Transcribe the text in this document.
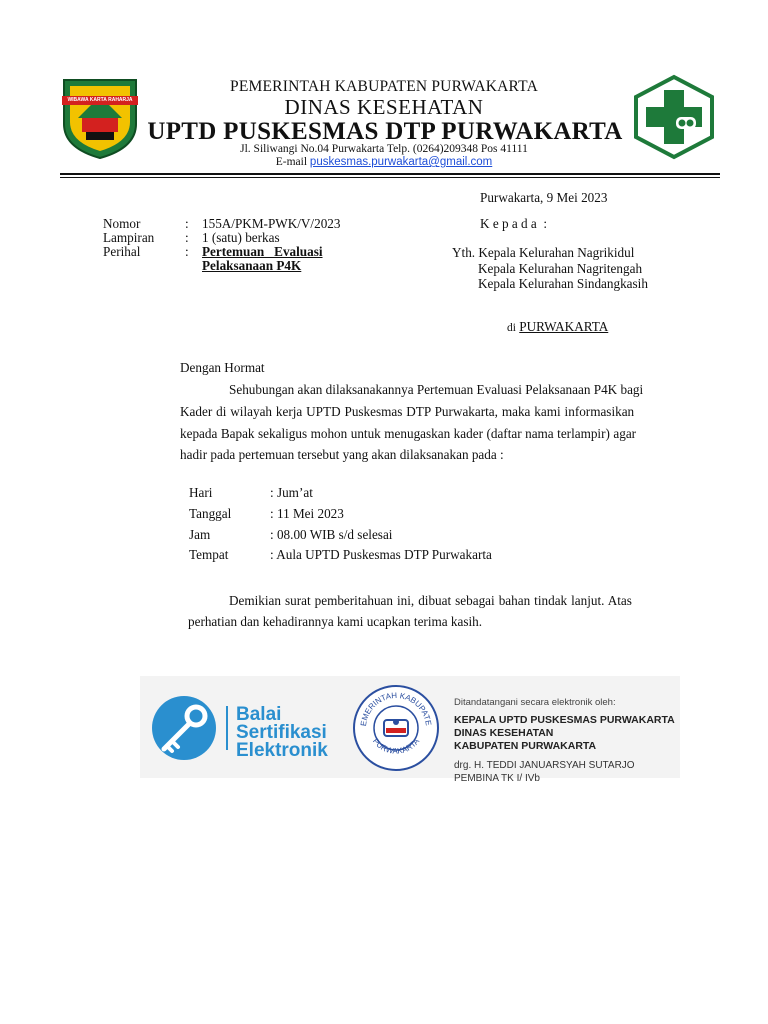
WIBAWA KARTA RAHARJA
PEMERINTAH KABUPATEN PURWAKARTA
DINAS KESEHATAN
UPTD PUSKESMAS DTP PURWAKARTA
Jl. Siliwangi No.04 Purwakarta Telp. (0264)209348 Pos 41111
E-mail puskesmas.purwakarta@gmail.com
Purwakarta, 9 Mei 2023
Nomor	: 155A/PKM-PWK/V/2023
Lampiran : 1 (satu) berkas
Perihal	: Pertemuan   Evaluasi
Pelaksanaan P4K
K e p a d a  :
Yth. Kepala Kelurahan Nagrikidul
Kepala Kelurahan Nagritengah
Kepala Kelurahan Sindangkasih
di PURWAKARTA
Dengan Hormat
Sehubungan akan dilaksanakannya Pertemuan Evaluasi Pelaksanaan P4K bagi
Kader di wilayah kerja UPTD Puskesmas DTP Purwakarta, maka kami informasikan
kepada Bapak sekaligus mohon untuk menugaskan kader (daftar nama terlampir) agar
hadir pada pertemuan tersebut yang akan dilaksanakan pada :
Hari	: Jum’at
Tanggal	: 11 Mei 2023
Jam	: 08.00 WIB s/d selesai
Tempat	: Aula UPTD Puskesmas DTP Purwakarta
Demikian surat pemberitahuan ini, dibuat sebagai bahan tindak lanjut. Atas
perhatian dan kehadirannya kami ucapkan terima kasih.
Balai
Sertifikasi
Elektronik
EMERINTAH KABUPATE
PURWAKARTA
Ditandatangani secara elektronik oleh:
KEPALA UPTD PUSKESMAS PURWAKARTA
DINAS KESEHATAN
KABUPATEN PURWAKARTA
drg. H. TEDDI JANUARSYAH SUTARJO
PEMBINA TK I/ IVb
